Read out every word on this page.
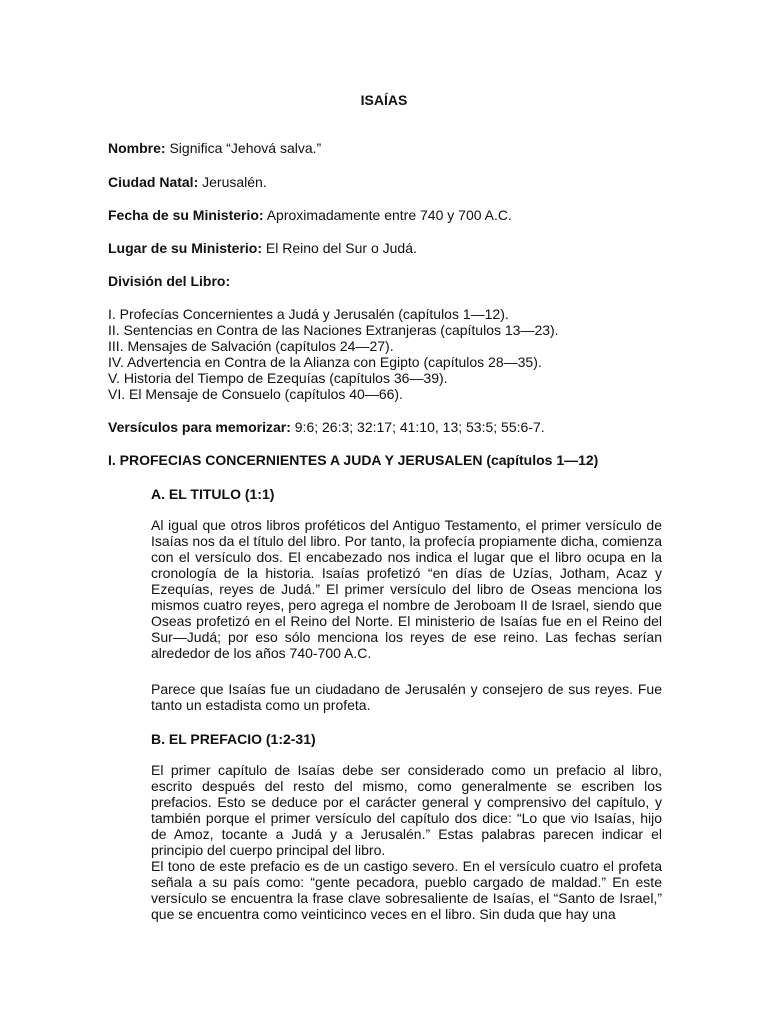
ISAÍAS
Nombre: Significa “Jehová salva.”
Ciudad Natal: Jerusalén.
Fecha de su Ministerio: Aproximadamente entre 740 y 700 A.C.
Lugar de su Ministerio: El Reino del Sur o Judá.
División del Libro:
I. Profecías Concernientes a Judá y Jerusalén (capítulos 1—12).
II. Sentencias en Contra de las Naciones Extranjeras (capítulos 13—23).
III. Mensajes de Salvación (capítulos 24—27).
IV. Advertencia en Contra de la Alianza con Egipto (capítulos 28—35).
V. Historia del Tiempo de Ezequías (capítulos 36—39).
VI. El Mensaje de Consuelo (capítulos 40—66).
Versículos para memorizar: 9:6; 26:3; 32:17; 41:10, 13; 53:5; 55:6-7.
I. PROFECIAS CONCERNIENTES A JUDA Y JERUSALEN (capítulos 1—12)
A. EL TITULO (1:1)

Al igual que otros libros proféticos del Antiguo Testamento, el primer versículo de Isaías nos da el título del libro. Por tanto, la profecía propiamente dicha, comienza con el versículo dos. El encabezado nos indica el lugar que el libro ocupa en la cronología de la historia. Isaías profetizó “en días de Uzías, Jotham, Acaz y Ezequías, reyes de Judá.” El primer versículo del libro de Oseas menciona los mismos cuatro reyes, pero agrega el nombre de Jeroboam II de Israel, siendo que Oseas profetizó en el Reino del Norte. El ministerio de Isaías fue en el Reino del Sur—Judá; por eso sólo menciona los reyes de ese reino. Las fechas serían alrededor de los años 740-700 A.C.

Parece que Isaías fue un ciudadano de Jerusalén y consejero de sus reyes. Fue tanto un estadista como un profeta.

B. EL PREFACIO (1:2-31)

El primer capítulo de Isaías debe ser considerado como un prefacio al libro, escrito después del resto del mismo, como generalmente se escriben los prefacios. Esto se deduce por el carácter general y comprensivo del capítulo, y también porque el primer versículo del capítulo dos dice: “Lo que vio Isaías, hijo de Amoz, tocante a Judá y a Jerusalén.” Estas palabras parecen indicar el principio del cuerpo principal del libro.

El tono de este prefacio es de un castigo severo. En el versículo cuatro el profeta señala a su país como: “gente pecadora, pueblo cargado de maldad.” En este versículo se encuentra la frase clave sobresaliente de Isaías, el “Santo de Israel,” que se encuentra como veinticinco veces en el libro. Sin duda que hay una
